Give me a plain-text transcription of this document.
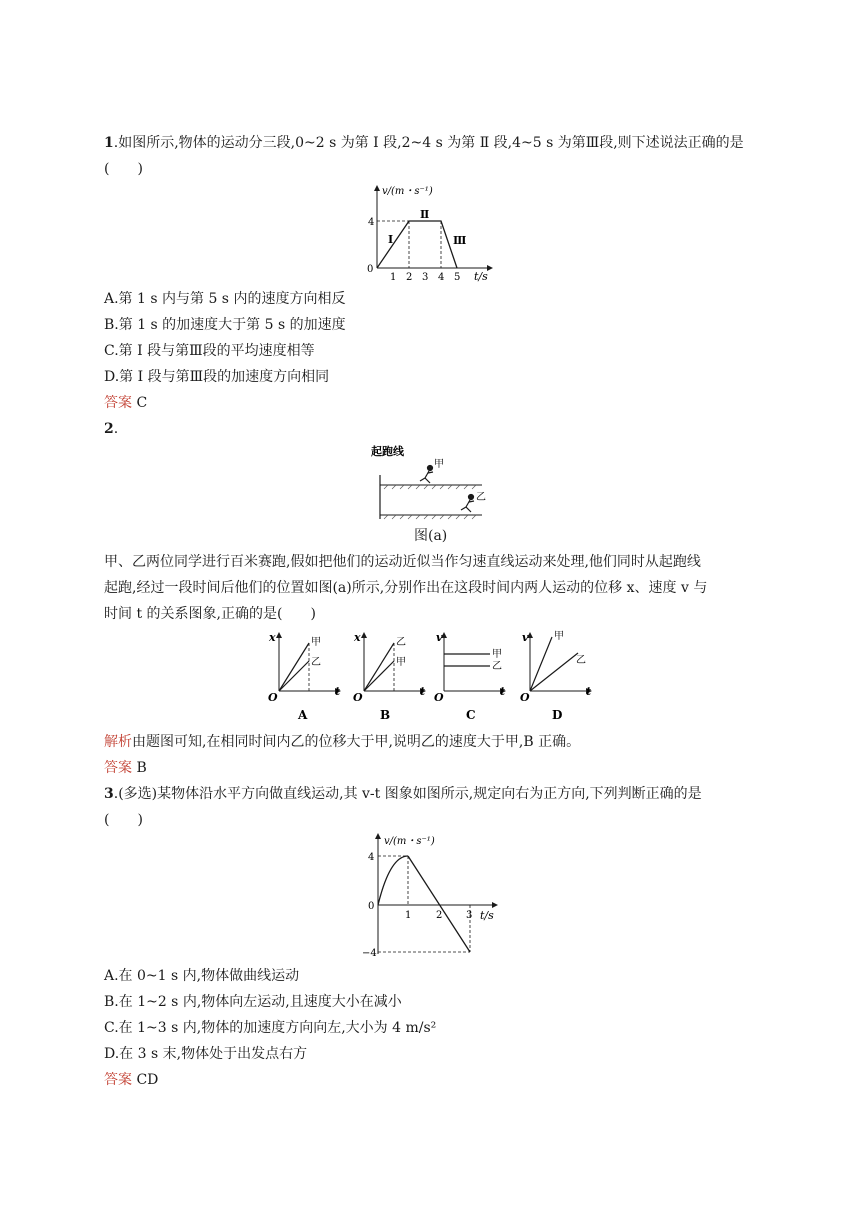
1.如图所示,物体的运动分三段,0~2 s 为第 Ⅰ 段,2~4 s 为第 Ⅱ 段,4~5 s 为第Ⅲ段,则下述说法正确的是
(　　)
v/(m・s⁻¹)
t/s
0
4
1 2 3 4 5
Ⅰ
Ⅱ
Ⅲ
A.第 1 s 内与第 5 s 内的速度方向相反
B.第 1 s 的加速度大于第 5 s 的加速度
C.第 Ⅰ 段与第Ⅲ段的平均速度相等
D.第 Ⅰ 段与第Ⅲ段的加速度方向相同
答案 C
2.
起跑线
甲
乙
图(a)
甲、乙两位同学进行百米赛跑,假如把他们的运动近似当作匀速直线运动来处理,他们同时从起跑线
起跑,经过一段时间后他们的位置如图(a)所示,分别作出在这段时间内两人运动的位移 x、速度 v 与
时间 t 的关系图象,正确的是(　　)
x
t
O
甲
乙
A
x
t
O
乙
甲
B
v
t
O
甲
乙
C
v
t
O
甲
乙
D
解析由题图可知,在相同时间内乙的位移大于甲,说明乙的速度大于甲,B 正确。
答案 B
3.(多选)某物体沿水平方向做直线运动,其 v-t 图象如图所示,规定向右为正方向,下列判断正确的是
(　　)
v/(m・s⁻¹)
t/s
0
4
−4
1 2 3
A.在 0~1 s 内,物体做曲线运动
B.在 1~2 s 内,物体向左运动,且速度大小在减小
C.在 1~3 s 内,物体的加速度方向向左,大小为 4 m/s²
D.在 3 s 末,物体处于出发点右方
答案 CD
